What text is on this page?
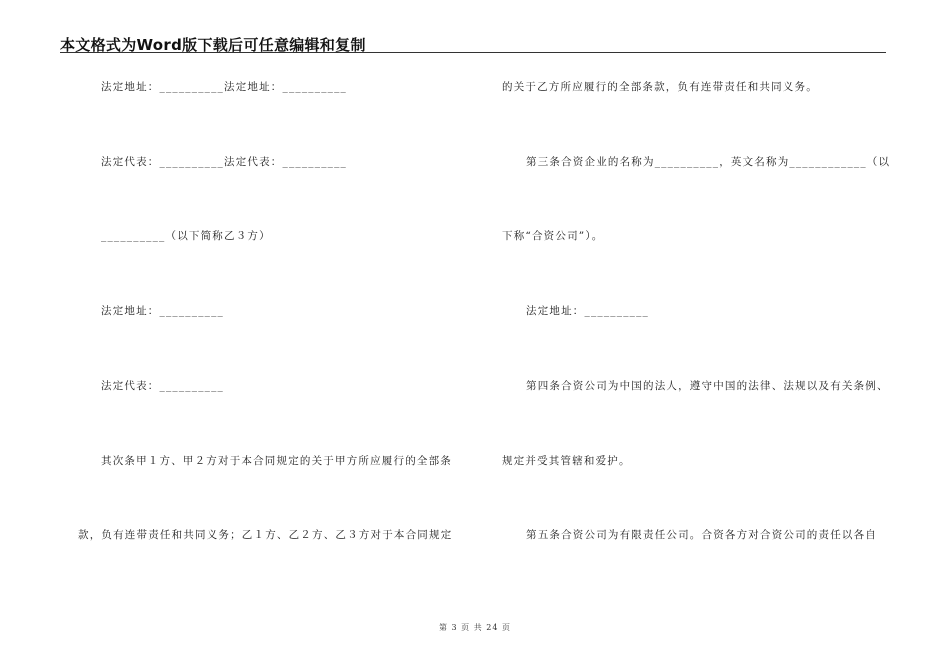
本文格式为Word版下载后可任意编辑和复制
法定地址：__________法定地址：__________
法定代表：__________法定代表：__________
__________（以下简称乙３方）
法定地址：__________
法定代表：__________
其次条甲１方、甲２方对于本合同规定的关于甲方所应履行的全部条
款，负有连带责任和共同义务；乙１方、乙２方、乙３方对于本合同规定
的关于乙方所应履行的全部条款，负有连带责任和共同义务。
第三条合资企业的名称为__________，英文名称为____________（以
下称“合资公司”）。
法定地址：__________
第四条合资公司为中国的法人，遵守中国的法律、法规以及有关条例、
规定并受其管辖和爱护。
第五条合资公司为有限责任公司。合资各方对合资公司的责任以各自
第 3 页 共 24 页
